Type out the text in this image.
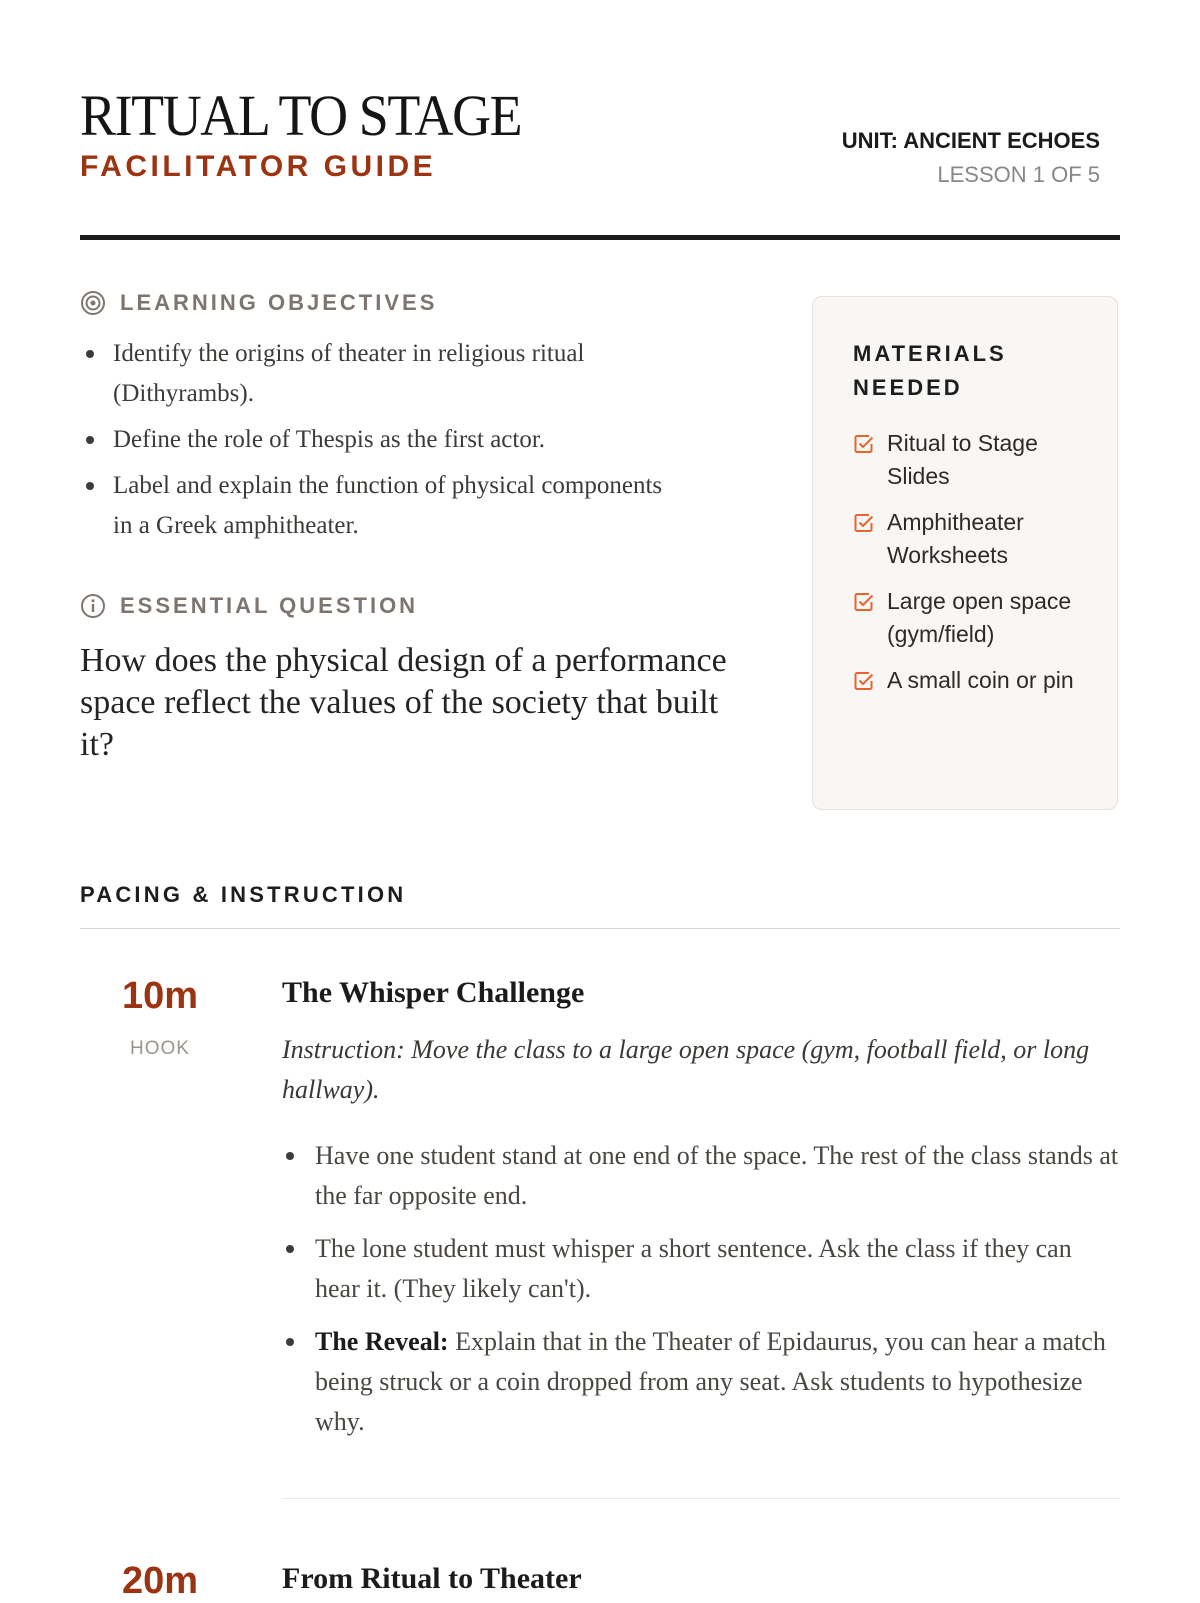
RITUAL TO STAGE
FACILITATOR GUIDE
UNIT: ANCIENT ECHOES
LESSON 1 OF 5
LEARNING OBJECTIVES
Identify the origins of theater in religious ritual (Dithyrambs).
Define the role of Thespis as the first actor.
Label and explain the function of physical components in a Greek amphitheater.
ESSENTIAL QUESTION
How does the physical design of a performance space reflect the values of the society that built it?
MATERIALS NEEDED
Ritual to Stage Slides
Amphitheater Worksheets
Large open space (gym/field)
A small coin or pin
PACING & INSTRUCTION
10m
HOOK
The Whisper Challenge
Instruction: Move the class to a large open space (gym, football field, or long hallway).
Have one student stand at one end of the space. The rest of the class stands at the far opposite end.
The lone student must whisper a short sentence. Ask the class if they can hear it. (They likely can't).
The Reveal: Explain that in the Theater of Epidaurus, you can hear a match being struck or a coin dropped from any seat. Ask students to hypothesize why.
20m	From Ritual to Theater
